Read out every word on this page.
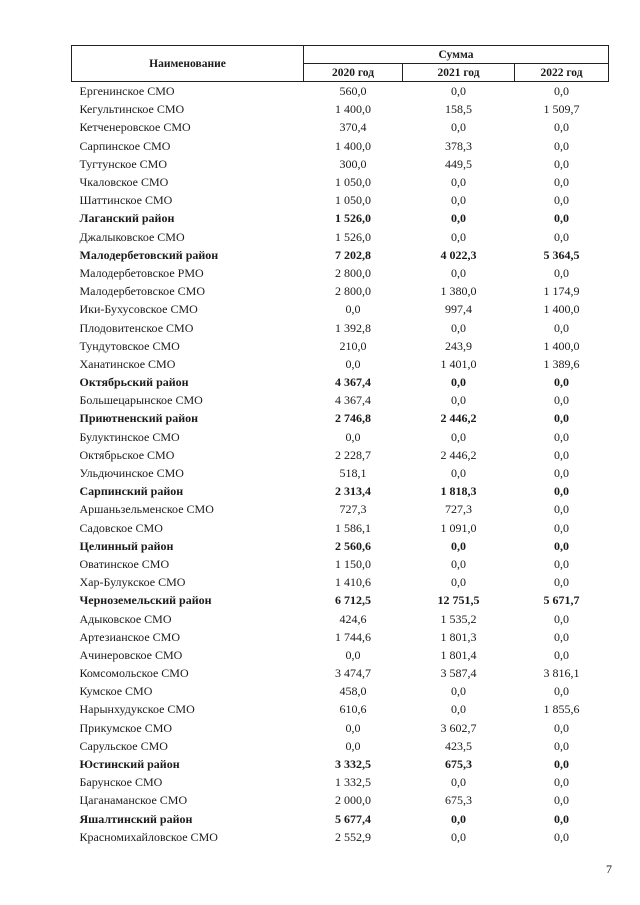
Наименование	Сумма		
	2020 год	2021 год	2022 год
Ергенинское СМО	560,0	0,0	0,0
Кегультинское СМО	1 400,0	158,5	1 509,7
Кетченеровское СМО	370,4	0,0	0,0
Сарпинское СМО	1 400,0	378,3	0,0
Тугтунское СМО	300,0	449,5	0,0
Чкаловское СМО	1 050,0	0,0	0,0
Шаттинское СМО	1 050,0	0,0	0,0
Лаганский район	1 526,0	0,0	0,0
Джалыковское СМО	1 526,0	0,0	0,0
Малодербетовский район	7 202,8	4 022,3	5 364,5
Малодербетовское РМО	2 800,0	0,0	0,0
Малодербетовское СМО	2 800,0	1 380,0	1 174,9
Ики-Бухусовское СМО	0,0	997,4	1 400,0
Плодовитенское СМО	1 392,8	0,0	0,0
Тундутовское СМО	210,0	243,9	1 400,0
Ханатинское СМО	0,0	1 401,0	1 389,6
Октябрьский район	4 367,4	0,0	0,0
Большецарынское СМО	4 367,4	0,0	0,0
Приютненский район	2 746,8	2 446,2	0,0
Булуктинское СМО	0,0	0,0	0,0
Октябрьское СМО	2 228,7	2 446,2	0,0
Ульдючинское СМО	518,1	0,0	0,0
Сарпинский район	2 313,4	1 818,3	0,0
Аршаньзельменское СМО	727,3	727,3	0,0
Садовское СМО	1 586,1	1 091,0	0,0
Целинный район	2 560,6	0,0	0,0
Оватинское СМО	1 150,0	0,0	0,0
Хар-Булукское СМО	1 410,6	0,0	0,0
Черноземельский район	6 712,5	12 751,5	5 671,7
Адыковское СМО	424,6	1 535,2	0,0
Артезианское СМО	1 744,6	1 801,3	0,0
Ачинеровское СМО	0,0	1 801,4	0,0
Комсомольское СМО	3 474,7	3 587,4	3 816,1
Кумское СМО	458,0	0,0	0,0
Нарынхудукское СМО	610,6	0,0	1 855,6
Прикумское СМО	0,0	3 602,7	0,0
Сарульское СМО	0,0	423,5	0,0
Юстинский район	3 332,5	675,3	0,0
Барунское СМО	1 332,5	0,0	0,0
Цаганаманское СМО	2 000,0	675,3	0,0
Яшалтинский район	5 677,4	0,0	0,0
Красномихайловское СМО	2 552,9	0,0	0,0
7
